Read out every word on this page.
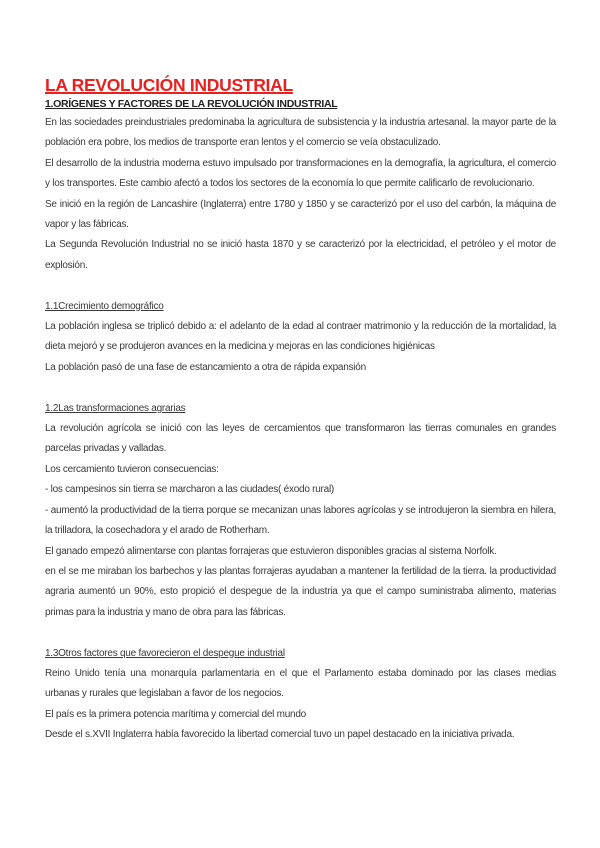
LA REVOLUCIÓN INDUSTRIAL
1.ORÍGENES Y FACTORES DE LA REVOLUCIÓN INDUSTRIAL

En las sociedades preindustriales predominaba la agricultura de subsistencia y la industria artesanal. la mayor parte de la población era pobre, los medios de transporte eran lentos y el comercio se veía obstaculizado.

El desarrollo de la industria moderna estuvo impulsado por transformaciones en la demografía, la agricultura, el comercio y los transportes. Este cambio afectó a todos los sectores de la economía lo que permite calificarlo de revolucionario.

Se inició en la región de Lancashire (Inglaterra) entre 1780 y 1850 y se caracterizó por el uso del carbón, la máquina de vapor y las fábricas.

La Segunda Revolución Industrial no se inició hasta 1870 y se caracterizó por la electricidad, el petróleo y el motor de explosión.

1.1Crecimiento demográfico

La población inglesa se triplicó debido a: el adelanto de la edad al contraer matrimonio y la reducción de la mortalidad, la dieta mejoró y se produjeron avances en la medicina y mejoras en las condiciones higiénicas

La población pasó de una fase de estancamiento a otra de rápida expansión

1.2Las transformaciones agrarias

La revolución agrícola se inició con las leyes de cercamientos que transformaron las tierras comunales en grandes parcelas privadas y valladas.

Los cercamiento tuvieron consecuencias:

- los campesinos sin tierra se marcharon a las ciudades( éxodo rural)

- aumentó la productividad de la tierra porque se mecanizan unas labores agrícolas y se introdujeron la siembra en hilera, la trilladora, la cosechadora y el arado de Rotherham.

El ganado empezó alimentarse con plantas forrajeras que estuvieron disponibles gracias al sistema Norfolk.

en el se me miraban los barbechos y las plantas forrajeras ayudaban a mantener la fertilidad de la tierra. la productividad agraria aumentó un 90%, esto propició el despegue de la industria ya que el campo suministraba alimento, materias primas para la industria y mano de obra para las fábricas.

1.3Otros factores que favorecieron el despegue industrial

Reino Unido tenía una monarquía parlamentaria en el que el Parlamento estaba dominado por las clases medias urbanas y rurales que legislaban a favor de los negocios.

El país es la primera potencia marítima y comercial del mundo

Desde el s.XVII Inglaterra había favorecido la libertad comercial tuvo un papel destacado en la iniciativa privada.
